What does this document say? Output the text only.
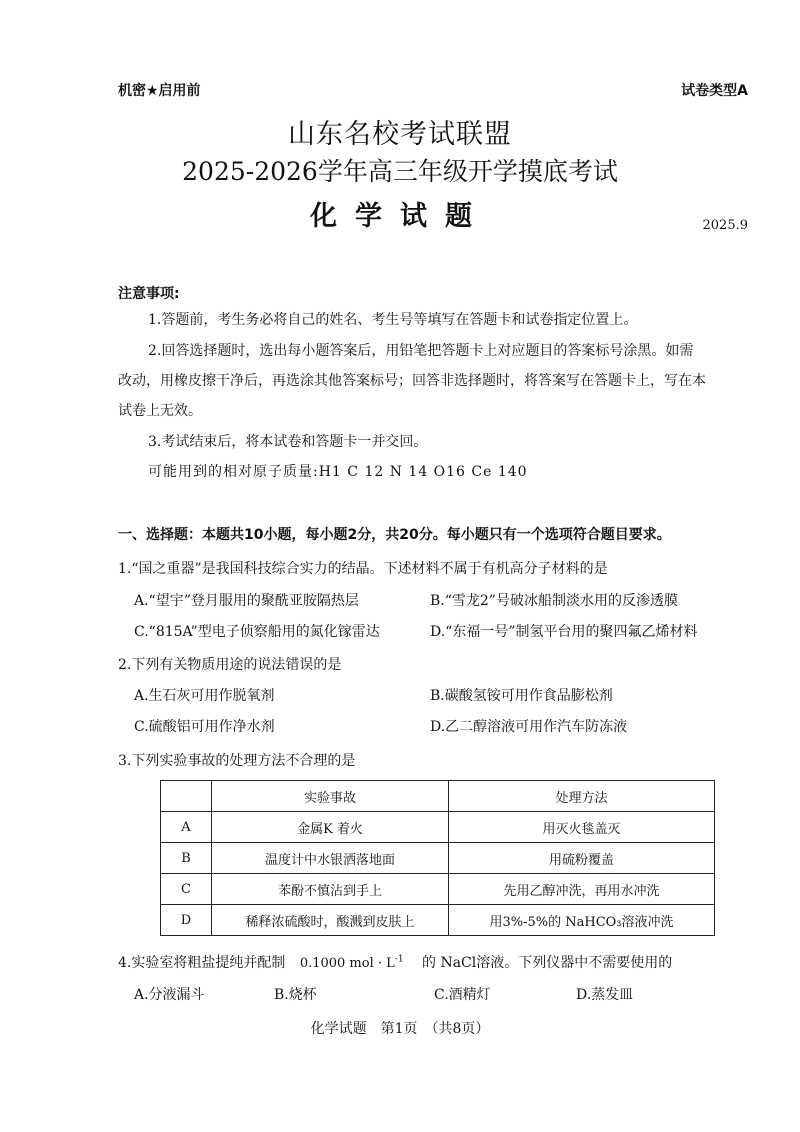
机密★启用前	试卷类型A
山东名校考试联盟
2025-2026学年高三年级开学摸底考试
化学试题	2025.9
注意事项:
1.答题前，考生务必将自己的姓名、考生号等填写在答题卡和试卷指定位置上。
2.回答选择题时，选出每小题答案后，用铅笔把答题卡上对应题目的答案标号涂黑。如需
改动，用橡皮擦干净后，再选涂其他答案标号；回答非选择题时，将答案写在答题卡上，写在本
试卷上无效。
3.考试结束后，将本试卷和答题卡一并交回。
可能用到的相对原子质量:H1 C 12 N 14 O16 Ce 140
一、选择题：本题共10小题，每小题2分，共20分。每小题只有一个选项符合题目要求。
1.“国之重器”是我国科技综合实力的结晶。下述材料不属于有机高分子材料的是
A.“望宇”登月服用的聚酰亚胺隔热层	B.“雪龙2”号破冰船制淡水用的反渗透膜
C.“815A”型电子侦察船用的氮化镓雷达	D.“东福一号”制氢平台用的聚四氟乙烯材料
2.下列有关物质用途的说法错误的是
A.生石灰可用作脱氧剂	B.碳酸氢铵可用作食品膨松剂
C.硫酸铝可用作净水剂	D.乙二醇溶液可用作汽车防冻液
3.下列实验事故的处理方法不合理的是
	实验事故	处理方法
A	金属K 着火	用灭火毯盖灭
B	温度计中水银洒落地面	用硫粉覆盖
C	苯酚不慎沾到手上	先用乙醇冲洗，再用水冲洗
D	稀释浓硫酸时，酸溅到皮肤上	用3%-5%的 NaHCO₃溶液冲洗
4.实验室将粗盐提纯并配制 0.1000 mol · $L^{-1}$ 的 NaCl溶液。下列仪器中不需要使用的
A.分液漏斗	B.烧杯	C.酒精灯	D.蒸发皿
化学试题　第1页　（共8页）
